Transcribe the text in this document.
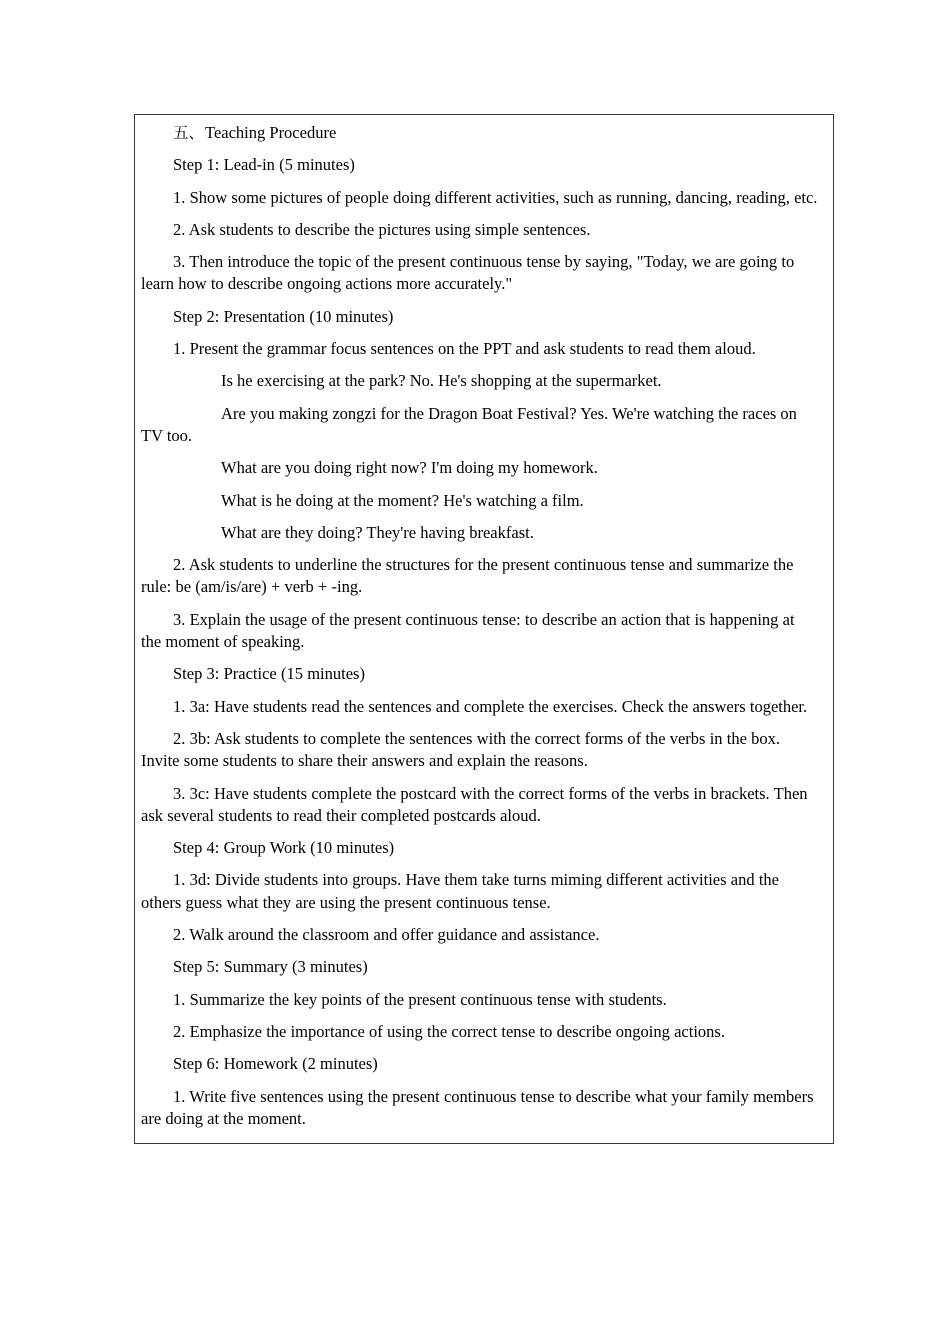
五、Teaching Procedure

Step 1: Lead-in (5 minutes)

1. Show some pictures of people doing different activities, such as running, dancing, reading, etc.

2. Ask students to describe the pictures using simple sentences.

3. Then introduce the topic of the present continuous tense by saying, "Today, we are going to learn how to describe ongoing actions more accurately."

Step 2: Presentation (10 minutes)

1. Present the grammar focus sentences on the PPT and ask students to read them aloud.

Is he exercising at the park? No. He's shopping at the supermarket.

Are you making zongzi for the Dragon Boat Festival? Yes. We're watching the races on TV too.

What are you doing right now? I'm doing my homework.

What is he doing at the moment? He's watching a film.

What are they doing? They're having breakfast.

2. Ask students to underline the structures for the present continuous tense and summarize the rule: be (am/is/are) + verb + -ing.

3. Explain the usage of the present continuous tense: to describe an action that is happening at the moment of speaking.

Step 3: Practice (15 minutes)

1. 3a: Have students read the sentences and complete the exercises. Check the answers together.

2. 3b: Ask students to complete the sentences with the correct forms of the verbs in the box. Invite some students to share their answers and explain the reasons.

3. 3c: Have students complete the postcard with the correct forms of the verbs in brackets. Then ask several students to read their completed postcards aloud.

Step 4: Group Work (10 minutes)

1. 3d: Divide students into groups. Have them take turns miming different activities and the others guess what they are using the present continuous tense.

2. Walk around the classroom and offer guidance and assistance.

Step 5: Summary (3 minutes)

1. Summarize the key points of the present continuous tense with students.

2. Emphasize the importance of using the correct tense to describe ongoing actions.

Step 6: Homework (2 minutes)

1. Write five sentences using the present continuous tense to describe what your family members are doing at the moment.
